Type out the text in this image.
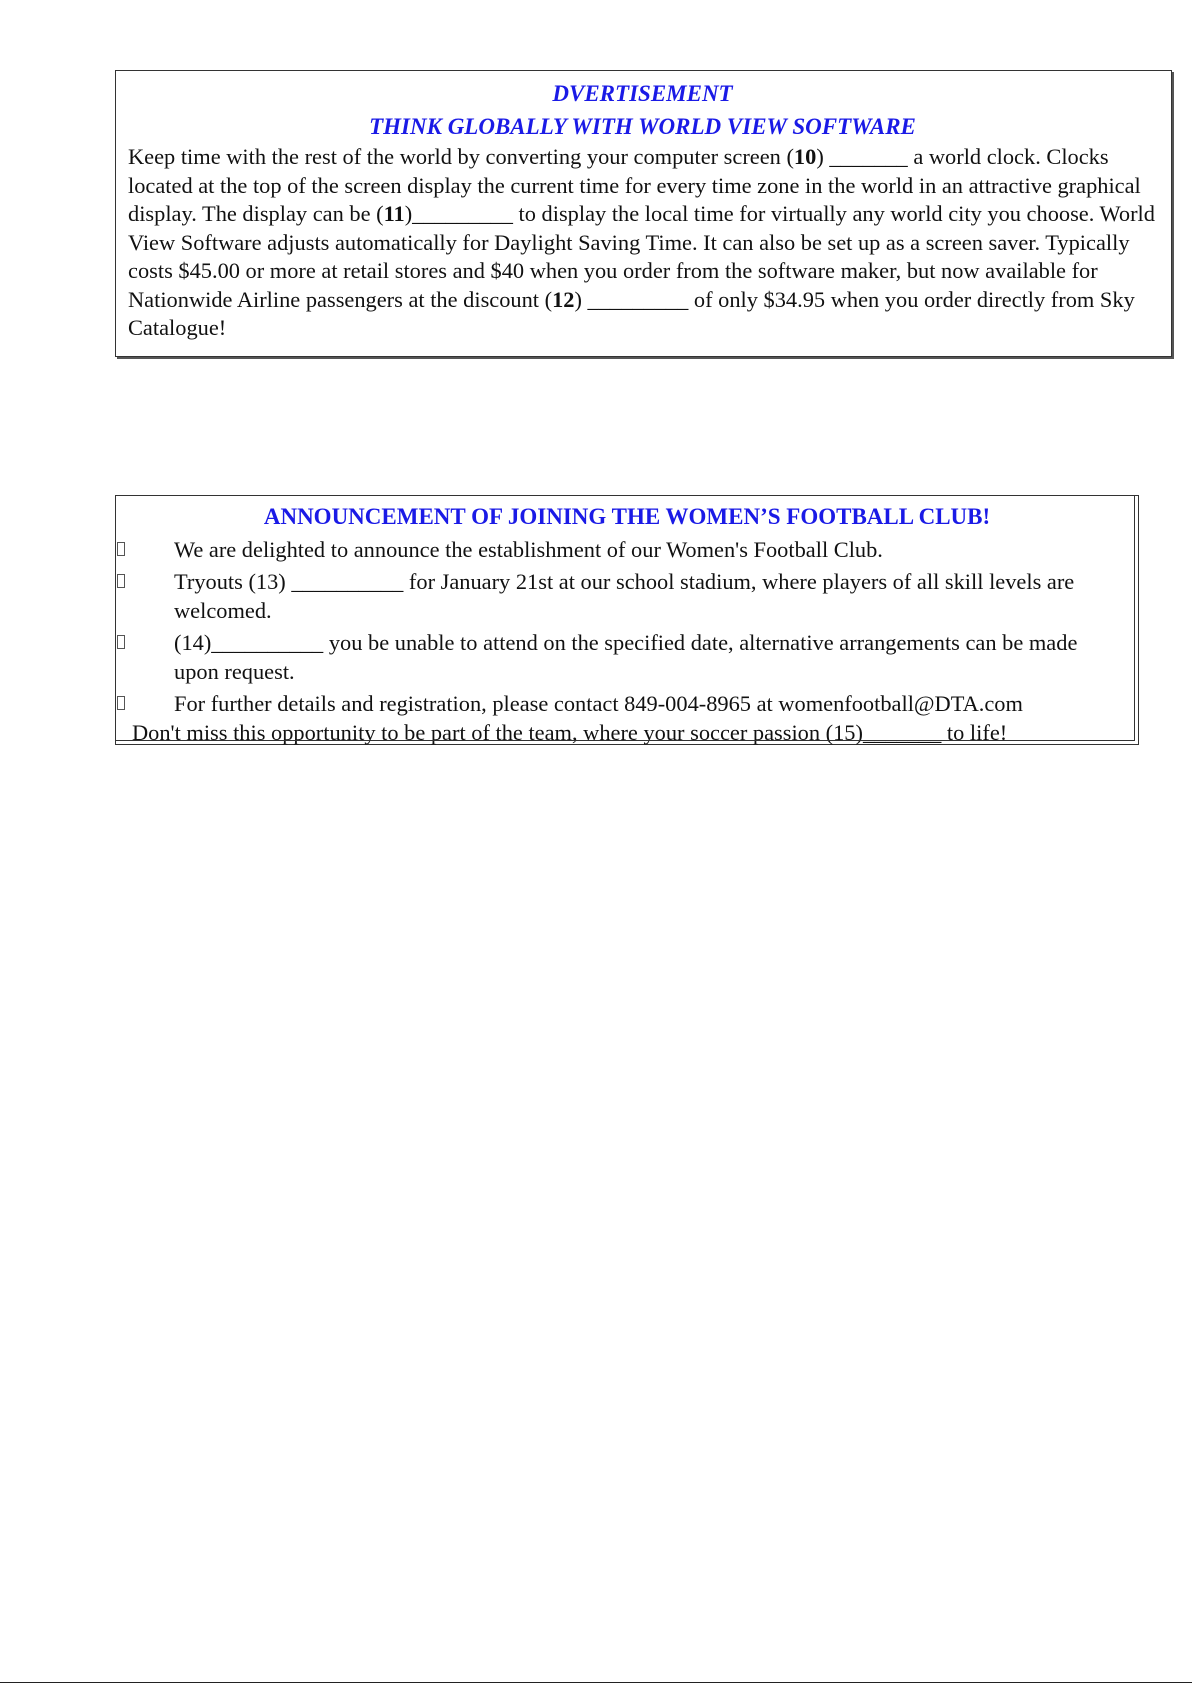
DVERTISEMENT
THINK GLOBALLY WITH WORLD VIEW SOFTWARE
Keep time with the rest of the world by converting your computer screen (10) _______ a world clock. Clocks located at the top of the screen display the current time for every time zone in the world in an attractive graphical display. The display can be (11)_________ to display the local time for virtually any world city you choose. World View Software adjusts automatically for Daylight Saving Time. It can also be set up as a screen saver. Typically costs $45.00 or more at retail stores and $40 when you order from the software maker, but now available for Nationwide Airline passengers at the discount (12) _________ of only $34.95 when you order directly from Sky Catalogue!
ANNOUNCEMENT OF JOINING THE WOMEN’S FOOTBALL CLUB!
We are delighted to announce the establishment of our Women's Football Club.
Tryouts (13) __________ for January 21st at our school stadium, where players of all skill levels are welcomed.
(14)__________ you be unable to attend on the specified date, alternative arrangements can be made upon request.
For further details and registration, please contact 849-004-8965 at womenfootball@DTA.com
Don't miss this opportunity to be part of the team, where your soccer passion (15)_______ to life!
